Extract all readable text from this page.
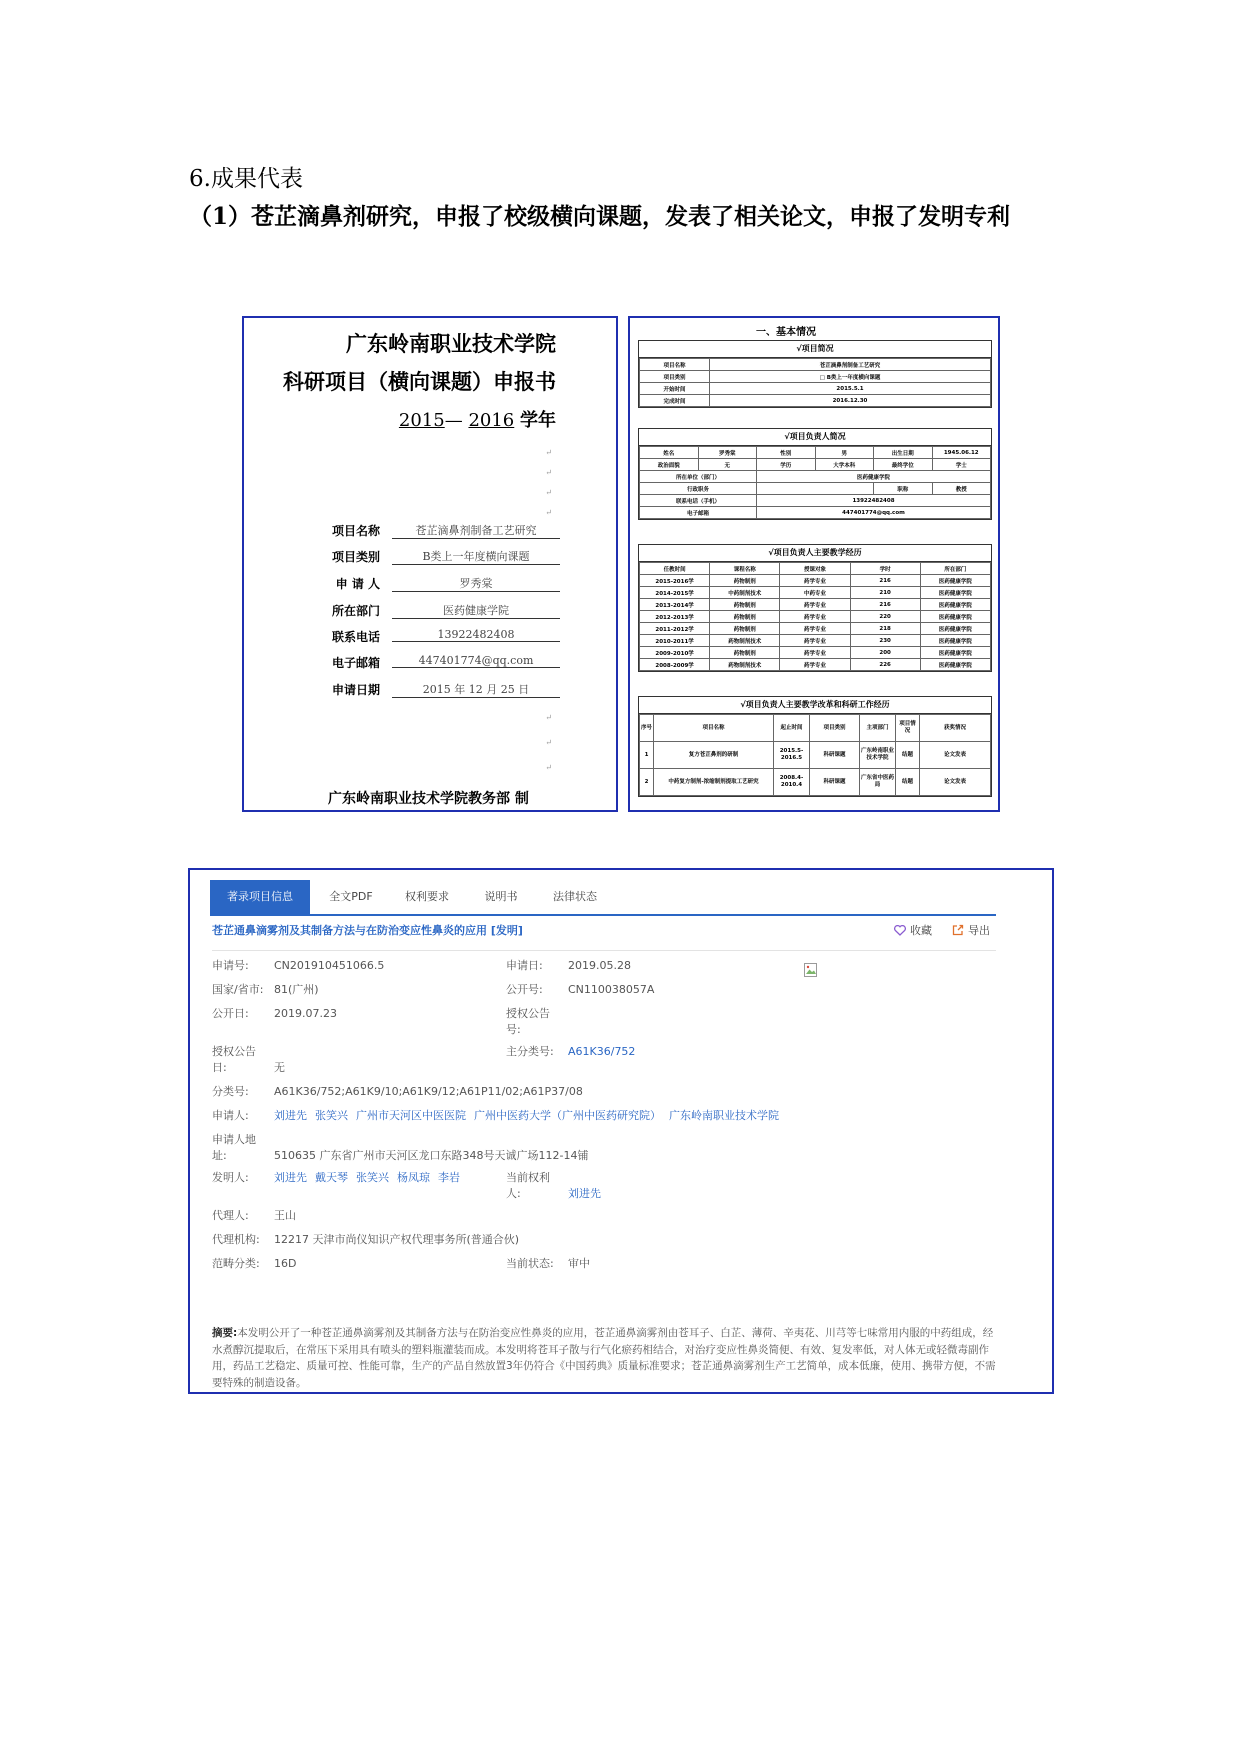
6.成果代表
（1）苍芷滴鼻剂研究，申报了校级横向课题，发表了相关论文，申报了发明专利
广东岭南职业技术学院
科研项目（横向课题）申报书
2015— 2016 学年
↵
↵
↵
↵
项目名称	苍芷滴鼻剂制备工艺研究
项目类别	B类上一年度横向课题
申 请 人	罗秀棠
所在部门	医药健康学院
联系电话	13922482408
电子邮箱	447401774@qq.com
申请日期	2015 年 12 月 25 日
↵
↵
↵
广东岭南职业技术学院教务部 制
一、基本情况
√项目简况
项目名称	苍芷滴鼻剂制备工艺研究
项目类别	□ B类上一年度横向课题
开始时间	2015.5.1
完成时间	2016.12.30
√项目负责人简况
姓名	罗秀棠	性别	男	出生日期	1945.06.12
政治面貌	无	学历	大学本科	最终学位	学士
所在单位（部门）		医药健康学院			
行政职务				职称	教授
联系电话（手机）		13922482408			
电子邮箱		447401774@qq.com			
√项目负责人主要教学经历
任教时间	课程名称	授课对象	学时	所在部门
2015-2016学	药物制剂	药学专业	216	医药健康学院
2014-2015学	中药制剂技术	中药专业	210	医药健康学院
2013-2014学	药物制剂	药学专业	216	医药健康学院
2012-2013学	药物制剂	药学专业	220	医药健康学院
2011-2012学	药物制剂	药学专业	218	医药健康学院
2010-2011学	药物制剂技术	药学专业	230	医药健康学院
2009-2010学	药物制剂	药学专业	200	医药健康学院
2008-2009学	药物制剂技术	药学专业	226	医药健康学院
√项目负责人主要教学改革和科研工作经历
序号	项目名称	起止时间	项目类别	主项部门	项目情况	获奖情况
1	复方苍芷鼻剂的研制	2015.5-2016.5	科研课题	广东岭南职业技术学院	结题	论文发表
2	中药复方制剂-浓缩制剂提取工艺研究	2008.4-2010.4	科研课题	广东省中医药局	结题	论文发表
著录项目信息	全文PDF	权利要求	说明书	法律状态
苍芷通鼻滴雾剂及其制备方法与在防治变应性鼻炎的应用 [发明]	收藏	导出
申请号:	CN201910451066.5	申请日:	2019.05.28
国家/省市: 81(广州)	公开号:	CN110038057A
公开日:	2019.07.23	授权公告号:
授权公告日:	无
主分类号:	A61K36/752
分类号:	A61K36/752;A61K9/10;A61K9/12;A61P11/02;A61P37/08
申请人:	刘进先 张笑兴 广州市天河区中医医院 广州中医药大学（广州中医药研究院） 广东岭南职业技术学院
申请人地址:	510635 广东省广州市天河区龙口东路348号天诚广场112-14铺
发明人:	刘进先 戴天琴 张笑兴 杨凤琼 李岩	当前权利人:	刘进先
代理人:	王山
代理机构:	12217 天津市尚仪知识产权代理事务所(普通合伙)
范畴分类:	16D	当前状态:	审中
摘要:本发明公开了一种苍芷通鼻滴雾剂及其制备方法与在防治变应性鼻炎的应用，苍芷通鼻滴雾剂由苍耳子、白芷、薄荷、辛夷花、川芎等七味常用内服的中药组成，经水煮醇沉提取后，在常压下采用具有喷头的塑料瓶灌装而成。本发明将苍耳子散与行气化瘀药相结合，对治疗变应性鼻炎简便、有效、复发率低，对人体无或轻微毒副作用，药品工艺稳定、质量可控、性能可靠，生产的产品自然放置3年仍符合《中国药典》质量标准要求；苍芷通鼻滴雾剂生产工艺简单，成本低廉，使用、携带方便，不需要特殊的制造设备。
